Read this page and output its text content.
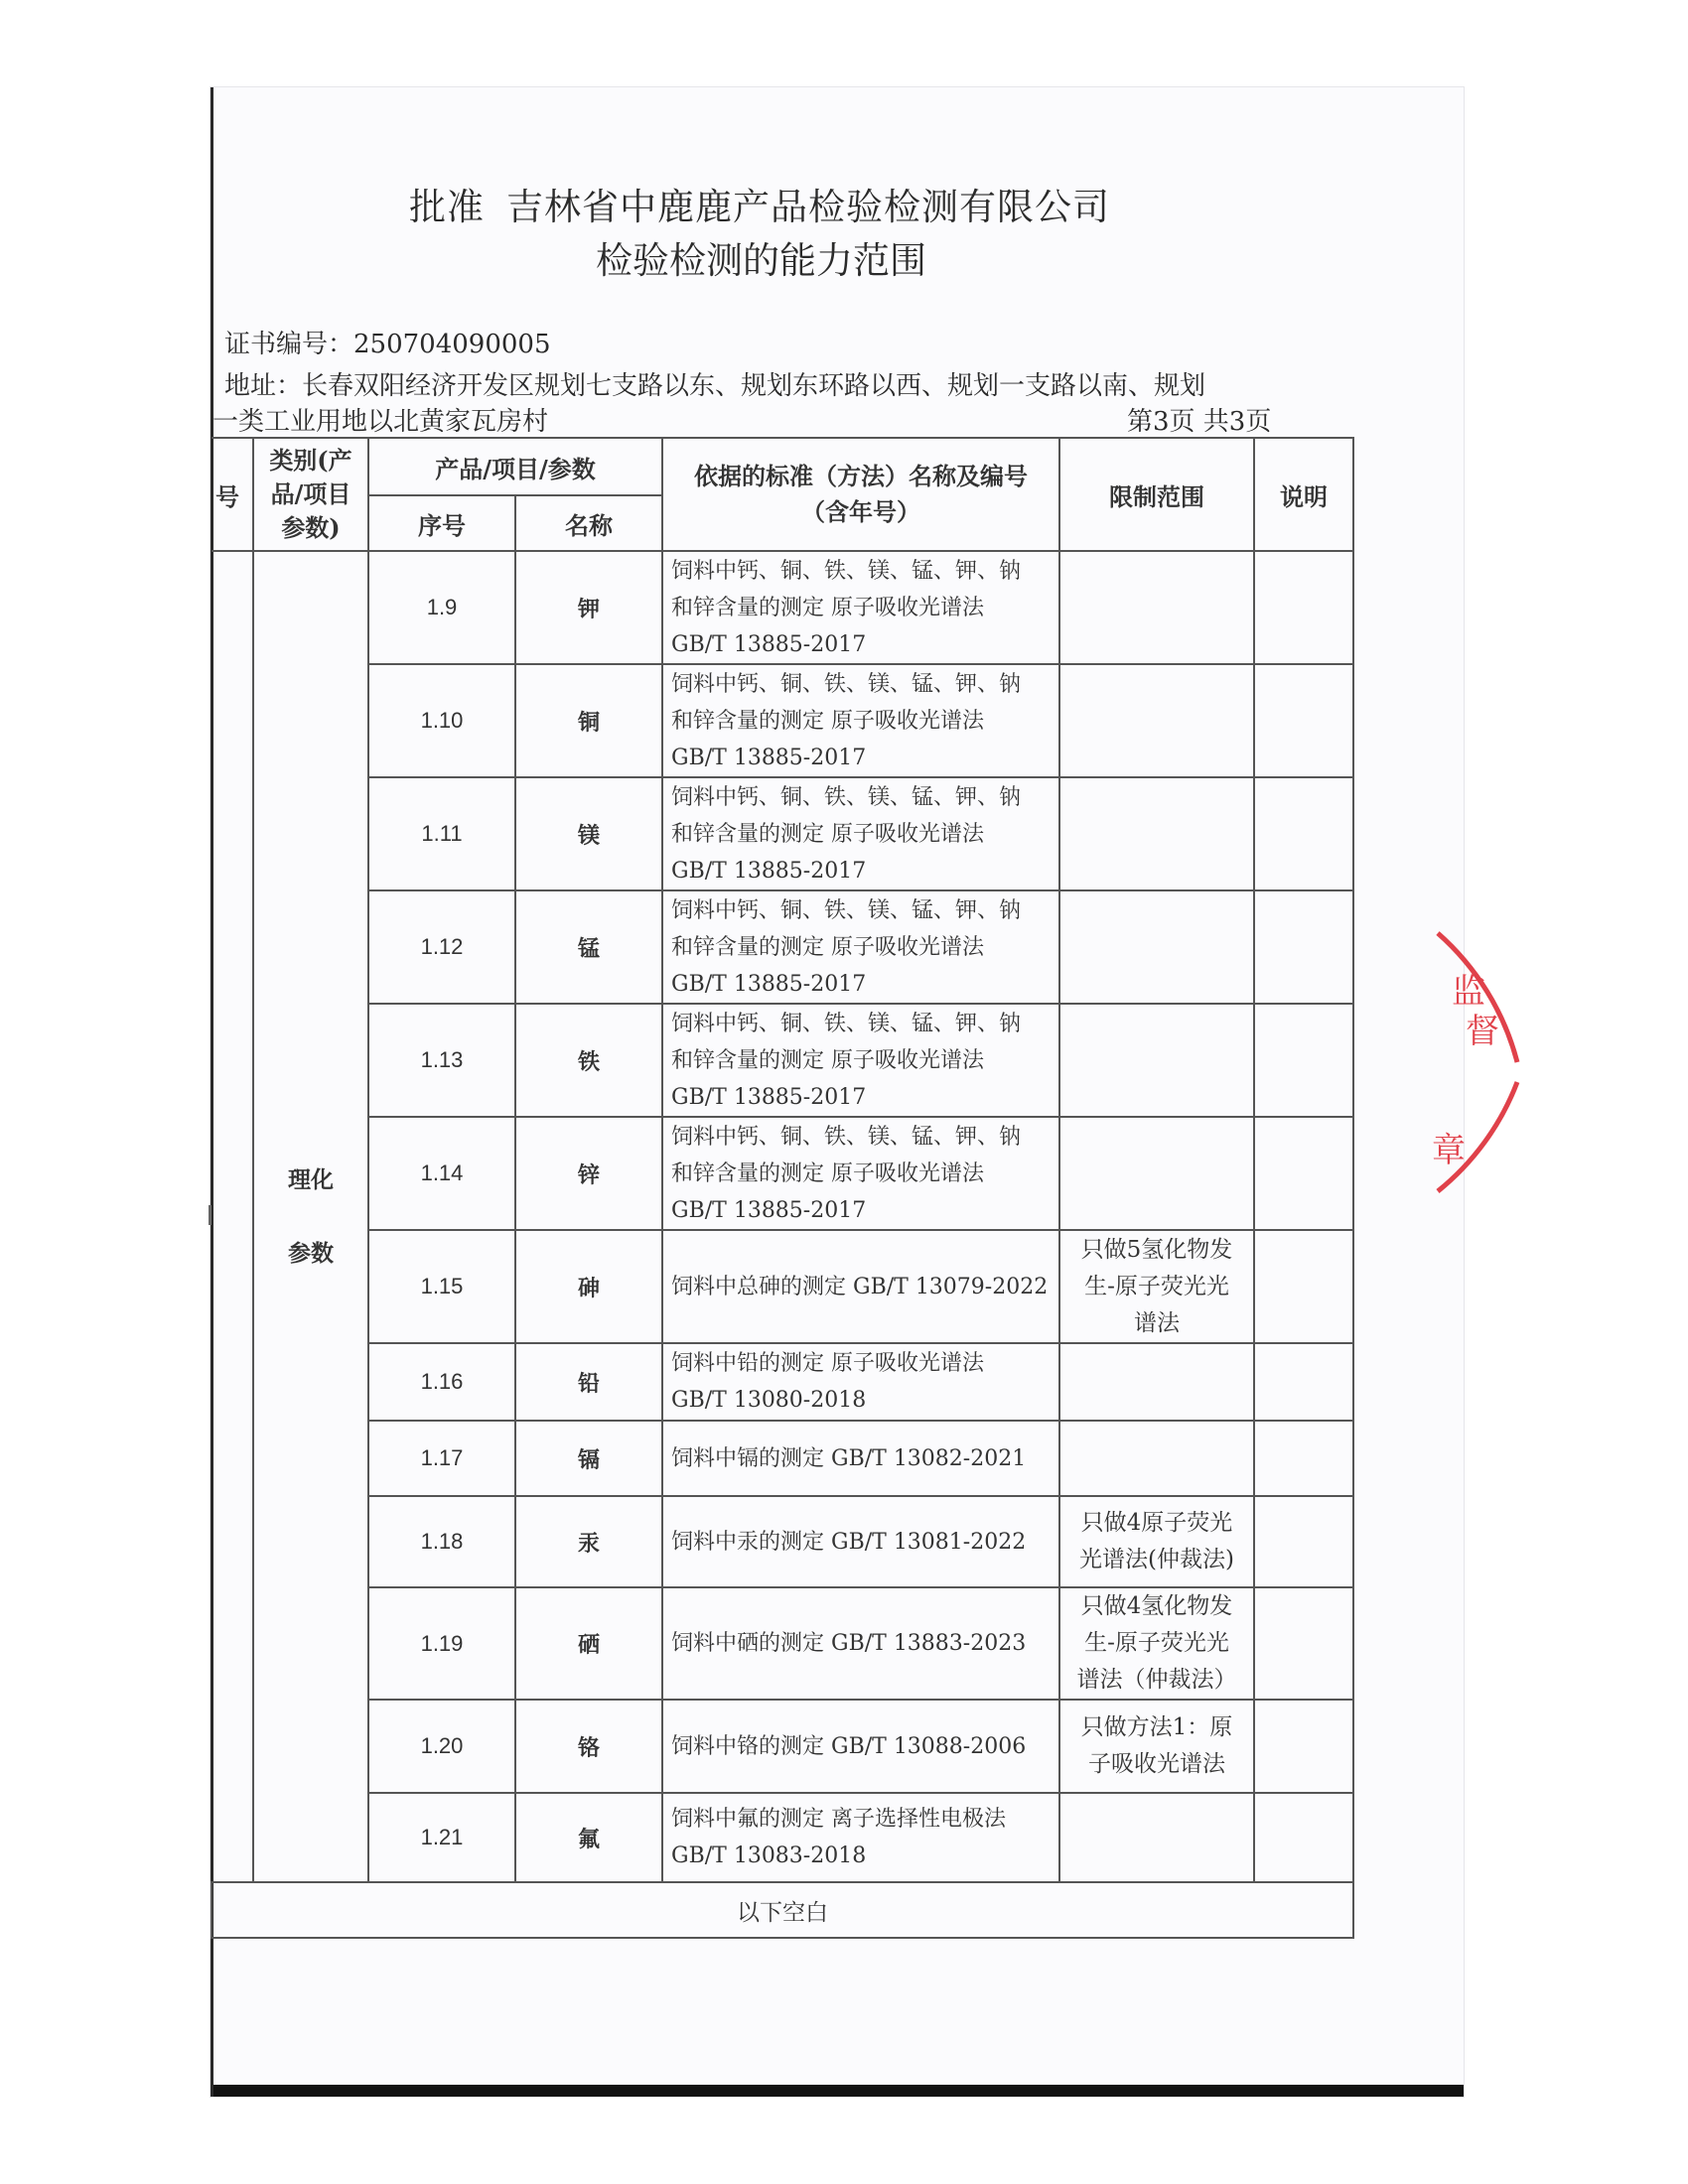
批准 吉林省中鹿鹿产品检验检测有限公司
检验检测的能力范围
证书编号：250704090005
地址：长春双阳经济开发区规划七支路以东、规划东环路以西、规划一支路以南、规划
一类工业用地以北黄家瓦房村	第3页 共3页
号	类别(产品/项目参数)	产品/项目/参数		依据的标准（方法）名称及编号（含年号）	限制范围	说明
		序号	名称			
	理化
参数	1.9	钾	饲料中钙、铜、铁、镁、锰、钾、钠
和锌含量的测定 原子吸收光谱法
GB/T 13885-2017		
		1.10	铜	饲料中钙、铜、铁、镁、锰、钾、钠
和锌含量的测定 原子吸收光谱法
GB/T 13885-2017		
		1.11	镁	饲料中钙、铜、铁、镁、锰、钾、钠
和锌含量的测定 原子吸收光谱法
GB/T 13885-2017		
		1.12	锰	饲料中钙、铜、铁、镁、锰、钾、钠
和锌含量的测定 原子吸收光谱法
GB/T 13885-2017		
		1.13	铁	饲料中钙、铜、铁、镁、锰、钾、钠
和锌含量的测定 原子吸收光谱法
GB/T 13885-2017		
		1.14	锌	饲料中钙、铜、铁、镁、锰、钾、钠
和锌含量的测定 原子吸收光谱法
GB/T 13885-2017		
		1.15	砷	饲料中总砷的测定 GB/T 13079-2022	只做5氢化物发
生-原子荧光光
谱法	
		1.16	铅	饲料中铅的测定 原子吸收光谱法
GB/T 13080-2018		
		1.17	镉	饲料中镉的测定 GB/T 13082-2021		
		1.18	汞	饲料中汞的测定 GB/T 13081-2022	只做4原子荧光
光谱法(仲裁法)	
		1.19	硒	饲料中硒的测定 GB/T 13883-2023	只做4氢化物发
生-原子荧光光
谱法（仲裁法）	
		1.20	铬	饲料中铬的测定 GB/T 13088-2006	只做方法1：原
子吸收光谱法	
		1.21	氟	饲料中氟的测定 离子选择性电极法
GB/T 13083-2018		
以下空白						
监
督
章
